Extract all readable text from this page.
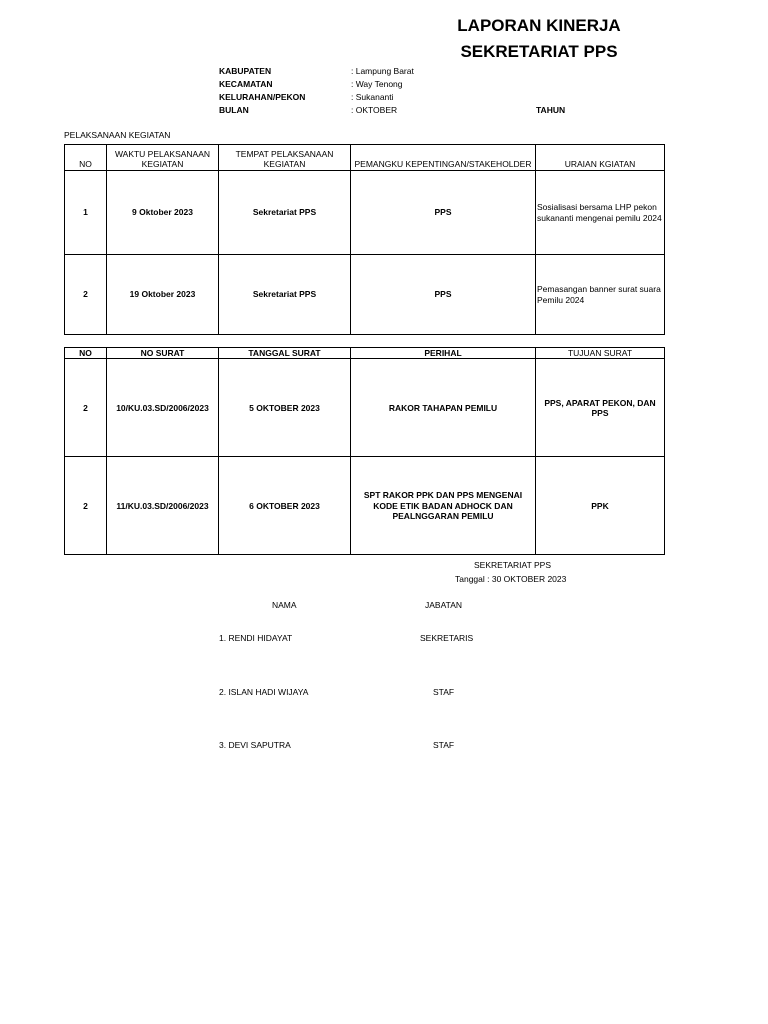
LAPORAN KINERJA
SEKRETARIAT PPS
KABUPATEN	: Lampung Barat
KECAMATAN	: Way Tenong
KELURAHAN/PEKON	: Sukananti
BULAN	: OKTOBER	TAHUN
PELAKSANAAN KEGIATAN
NO	WAKTU PELAKSANAAN KEGIATAN	TEMPAT PELAKSANAAN KEGIATAN	PEMANGKU KEPENTINGAN/STAKEHOLDER	URAIAN KGIATAN
1	9 Oktober 2023	Sekretariat PPS	PPS	Sosialisasi bersama LHP pekon sukananti mengenai pemilu 2024
2	19 Oktober 2023	Sekretariat PPS	PPS	Pemasangan banner surat suara Pemilu 2024
NO	NO SURAT	TANGGAL SURAT	PERIHAL	TUJUAN SURAT
2	10/KU.03.SD/2006/2023	5 OKTOBER 2023	RAKOR TAHAPAN PEMILU	PPS, APARAT PEKON, DAN PPS
2	11/KU.03.SD/2006/2023	6 OKTOBER 2023	SPT RAKOR PPK DAN PPS MENGENAI KODE ETIK BADAN ADHOCK DAN PEALNGGARAN PEMILU	PPK
SEKRETARIAT PPS
Tanggal : 30 OKTOBER 2023
NAMA	JABATAN
1. RENDI HIDAYAT	SEKRETARIS
2. ISLAN HADI WIJAYA	STAF
3. DEVI SAPUTRA	STAF
